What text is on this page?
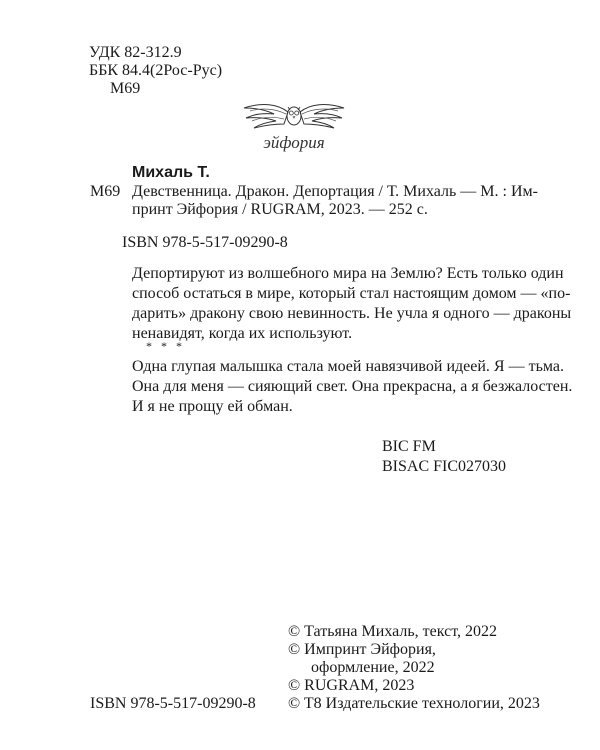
УДК 82-312.9
ББК 84.4(2Рос-Рус)
М69
эйфория
Михаль Т.
М69 Девственница. Дракон. Депортация / Т. Михаль — М. : Им-
принт Эйфория / RUGRAM, 2023. — 252 с.
ISBN 978-5-517-09290-8
Депортируют из волшебного мира на Землю? Есть только один
способ остаться в мире, который стал настоящим домом — «по-
дарить» дракону свою невинность. Не учла я одного — драконы
ненавидят, когда их используют.
* * *
Одна глупая малышка стала моей навязчивой идеей. Я — тьма.
Она для меня — сияющий свет. Она прекрасна, а я безжалостен.
И я не прощу ей обман.
BIC FM
BISAC FIC027030
© Татьяна Михаль, текст, 2022
© Импринт Эйфория,
оформление, 2022
© RUGRAM, 2023
© T8 Издательские технологии, 2023
ISBN 978-5-517-09290-8
